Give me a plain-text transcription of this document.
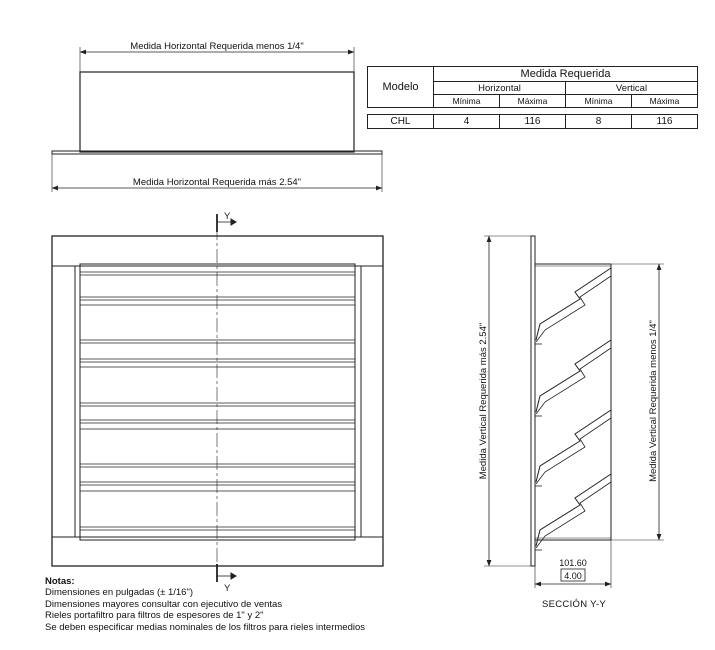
Medida Horizontal Requerida menos 1/4"
Medida Horizontal Requerida más 2.54"
Y
Y
Medida Vertical Requerida más 2.54"	Medida Vertical Requerida menos 1/4"
101.60
4.00
SECCIÓN Y-Y
Modelo	Medida Requerida			
	Horizontal		Vertical	
	Mínima	Máxima	Mínima	Máxima

CHL	4	116	8	116
Notas:
Dimensiones en pulgadas (± 1/16")
Dimensiones mayores consultar con ejecutivo de ventas
Rieles portafiltro para filtros de espesores de 1" y 2"
Se deben especificar medias nominales de los filtros para rieles intermedios
